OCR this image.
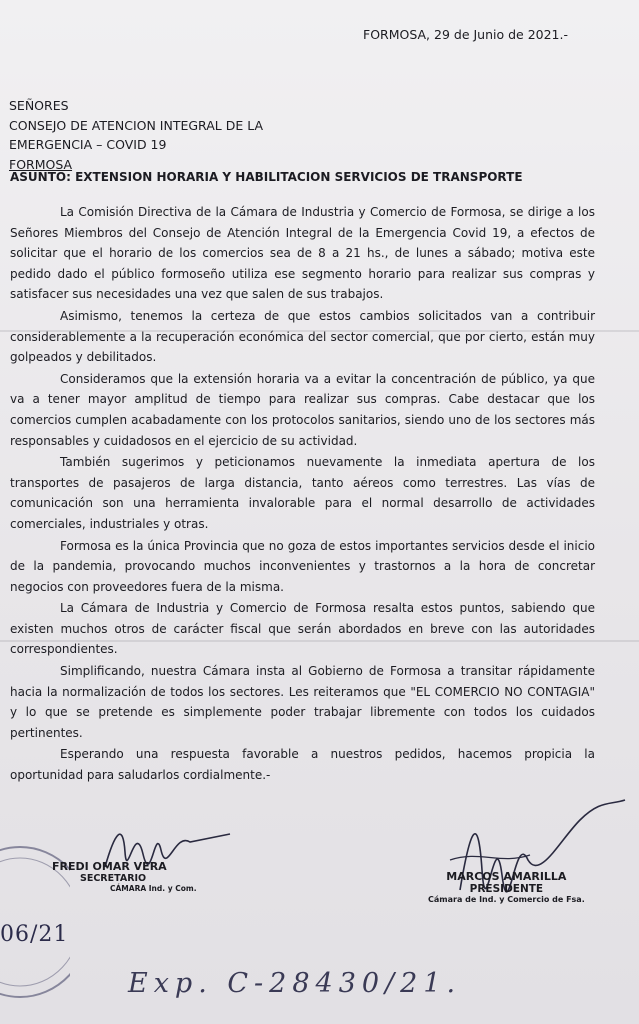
FORMOSA, 29 de Junio de 2021.-
SEÑORES
CONSEJO DE ATENCION INTEGRAL DE LA
EMERGENCIA – COVID 19
FORMOSA
ASUNTO: EXTENSION HORARIA Y HABILITACION SERVICIOS DE TRANSPORTE

La Comisión Directiva de la Cámara de Industria y Comercio de Formosa, se dirige a los Señores Miembros del Consejo de Atención Integral de la Emergencia Covid 19, a efectos de solicitar que el horario de los comercios sea de 8 a 21 hs., de lunes a sábado; motiva este pedido dado el público formoseño utiliza ese segmento horario para realizar sus compras y satisfacer sus necesidades una vez que salen de sus trabajos.

Asimismo, tenemos la certeza de que estos cambios solicitados van a contribuir considerablemente a la recuperación económica del sector comercial, que por cierto, están muy golpeados y debilitados.

Consideramos que la extensión horaria va a evitar la concentración de público, ya que va a tener mayor amplitud de tiempo para realizar sus compras. Cabe destacar que los comercios cumplen acabadamente con los protocolos sanitarios, siendo uno de los sectores más responsables y cuidadosos en el ejercicio de su actividad.

También sugerimos y peticionamos nuevamente la inmediata apertura de los transportes de pasajeros de larga distancia, tanto aéreos como terrestres. Las vías de comunicación son una herramienta invalorable para el normal desarrollo de actividades comerciales, industriales y otras.

Formosa es la única Provincia que no goza de estos importantes servicios desde el inicio de la pandemia, provocando muchos inconvenientes y trastornos a la hora de concretar negocios con proveedores fuera de la misma.

La Cámara de Industria y Comercio de Formosa resalta estos puntos, sabiendo que existen muchos otros de carácter fiscal que serán abordados en breve con las autoridades correspondientes.

Simplificando, nuestra Cámara insta al Gobierno de Formosa a transitar rápidamente hacia la normalización de todos los sectores. Les reiteramos que "EL COMERCIO NO CONTAGIA" y lo que se pretende es simplemente poder trabajar libremente con todos los cuidados pertinentes.

Esperando una respuesta favorable a nuestros pedidos, hacemos propicia la oportunidad para saludarlos cordialmente.-

FREDI OMAR VERA
SECRETARIO
CÁMARA Ind. y Com.
MARCOS AMARILLA
PRESIDENTE
Cámara de Ind. y Comercio de Fsa.
06/21
Exp. C-28430/21.
